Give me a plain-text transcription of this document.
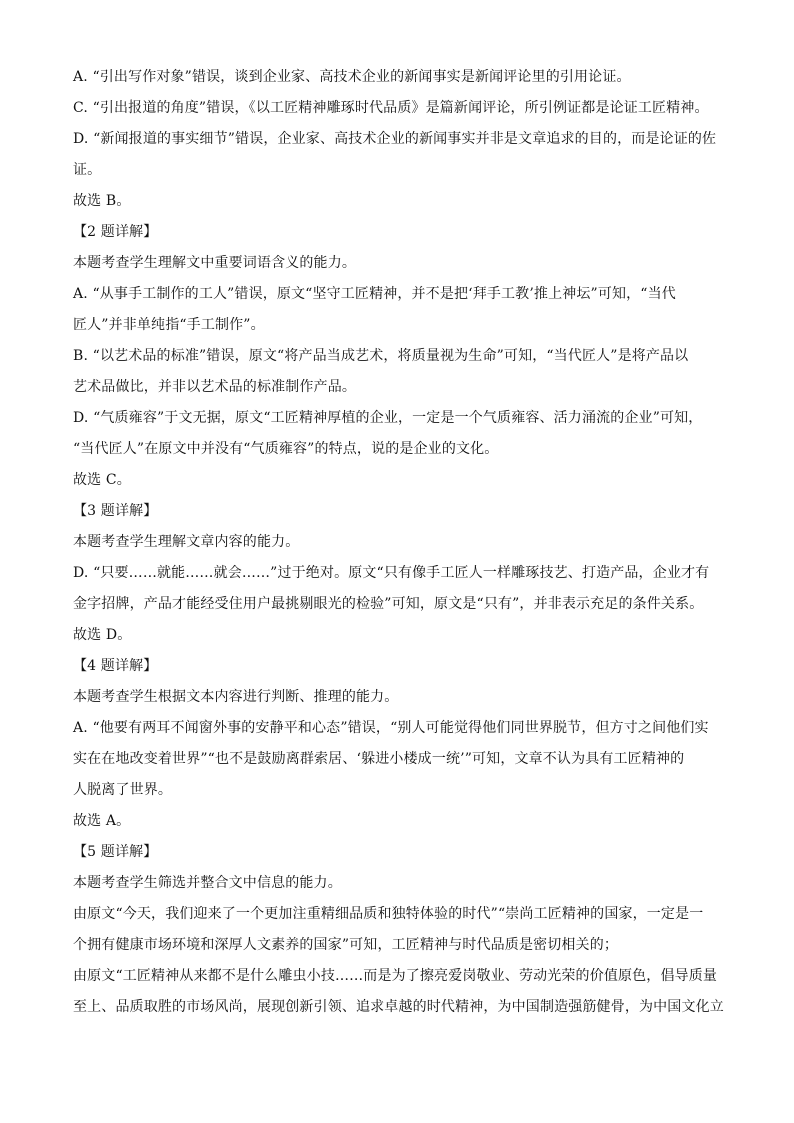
A. “引出写作对象”错误，谈到企业家、高技术企业的新闻事实是新闻评论里的引用论证。
C. “引出报道的角度”错误，《以工匠精神雕琢时代品质》是篇新闻评论，所引例证都是论证工匠精神。
D. “新闻报道的事实细节”错误，企业家、高技术企业的新闻事实并非是文章追求的目的，而是论证的佐
证。
故选 B。
【2 题详解】
本题考查学生理解文中重要词语含义的能力。
A. “从事手工制作的工人”错误，原文“坚守工匠精神，并不是把‘拜手工教’推上神坛”可知，“当代
匠人”并非单纯指“手工制作”。
B. “以艺术品的标准”错误，原文“将产品当成艺术，将质量视为生命”可知，“当代匠人”是将产品以
艺术品做比，并非以艺术品的标准制作产品。
D. “气质雍容”于文无据，原文“工匠精神厚植的企业，一定是一个气质雍容、活力涌流的企业”可知，
“当代匠人”在原文中并没有“气质雍容”的特点，说的是企业的文化。
故选 C。
【3 题详解】
本题考查学生理解文章内容的能力。
D. “只要……就能……就会……”过于绝对。原文“只有像手工匠人一样雕琢技艺、打造产品，企业才有
金字招牌，产品才能经受住用户最挑剔眼光的检验”可知，原文是“只有”，并非表示充足的条件关系。
故选 D。
【4 题详解】
本题考查学生根据文本内容进行判断、推理的能力。
A. “他要有两耳不闻窗外事的安静平和心态”错误，“别人可能觉得他们同世界脱节，但方寸之间他们实
实在在地改变着世界”“也不是鼓励离群索居、‘躲进小楼成一统’”可知，文章不认为具有工匠精神的
人脱离了世界。
故选 A。
【5 题详解】
本题考查学生筛选并整合文中信息的能力。
由原文“今天，我们迎来了一个更加注重精细品质和独特体验的时代”“崇尚工匠精神的国家，一定是一
个拥有健康市场环境和深厚人文素养的国家”可知，工匠精神与时代品质是密切相关的；
由原文“工匠精神从来都不是什么雕虫小技……而是为了擦亮爱岗敬业、劳动光荣的价值原色，倡导质量
至上、品质取胜的市场风尚，展现创新引领、追求卓越的时代精神，为中国制造强筋健骨，为中国文化立
